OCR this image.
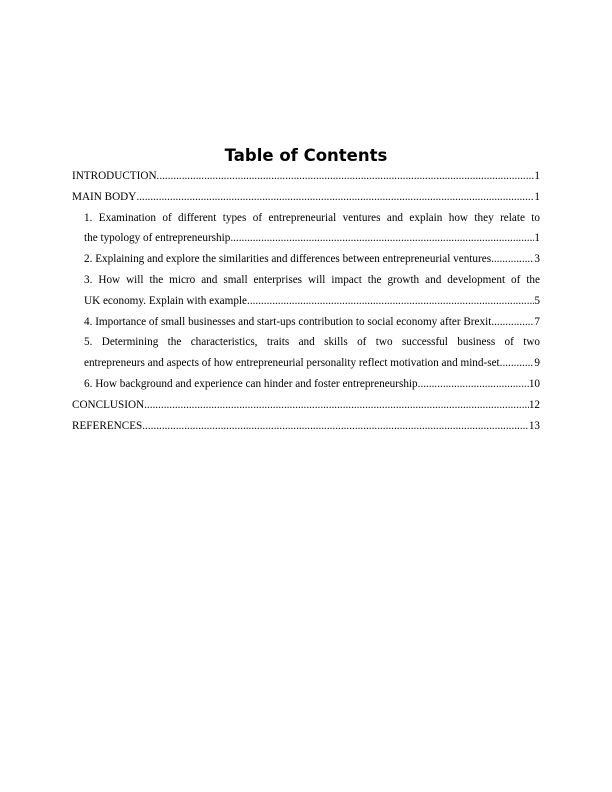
Table of Contents
INTRODUCTION .....	1
MAIN BODY .....	1
1. Examination of different types of entrepreneurial ventures and explain how they relate to
the typology of entrepreneurship .....	1
2. Explaining and explore the similarities and differences between entrepreneurial ventures .....	3
3. How will the micro and small enterprises will impact the growth and development of the
UK economy. Explain with example .....	5
4. Importance of small businesses and start-ups contribution to social economy after Brexit .....	7
5. Determining the characteristics, traits and skills of two successful business of two
entrepreneurs and aspects of how entrepreneurial personality reflect motivation and mind-set. .....	9
6. How background and experience can hinder and foster entrepreneurship .....	10
CONCLUSION .....	12
REFERENCES .....	13
